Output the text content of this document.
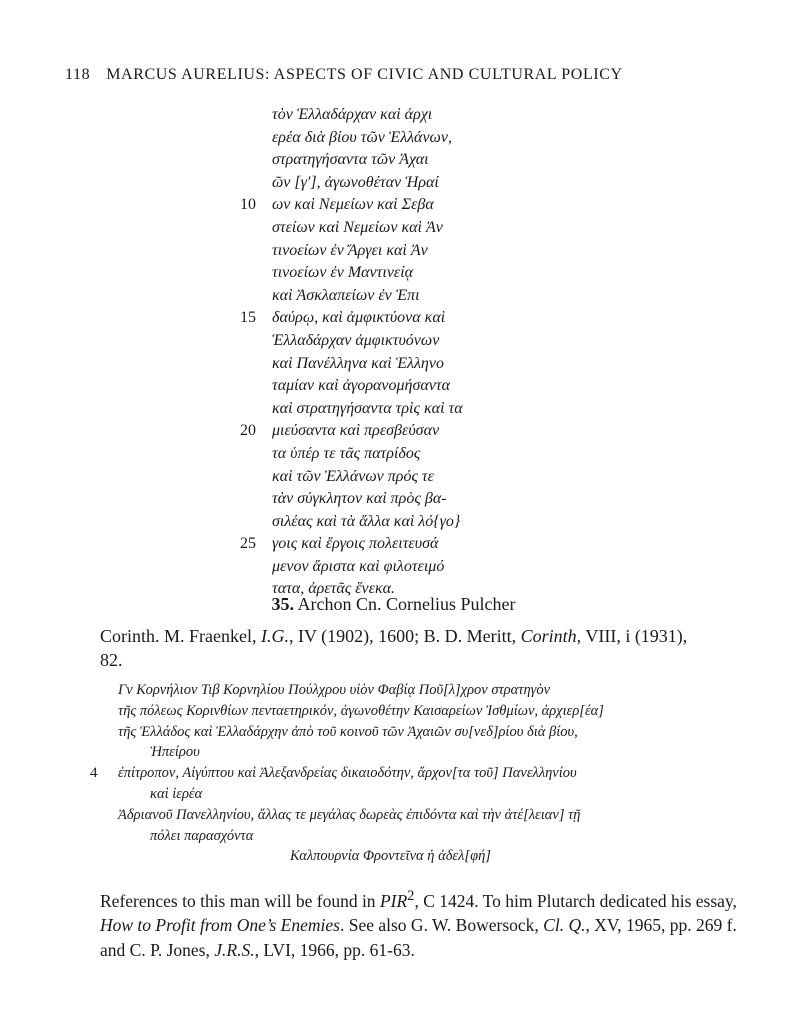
118 MARCUS AURELIUS: ASPECTS OF CIVIC AND CULTURAL POLICY
τὸν Ἑλλαδάρχαν καὶ ἀρχι
ερέα διὰ βίου τῶν Ἑλλάνων,
στρατηγήσαντα τῶν Ἀχαι
ῶν [γ′], ἀγωνοθέταν Ἡραί
10	ων καὶ Νεμείων καὶ Σεβα
στείων καὶ Νεμείων καὶ Ἀν
τινοείων ἐν Ἄργει καὶ Ἀν
τινοείων ἐν Μαντινείᾳ
καὶ Ἀσκλαπείων ἐν Ἐπι
15	δαύρῳ, καὶ ἀμφικτύονα καὶ
Ἑλλαδάρχαν ἀμφικτυόνων
καὶ Πανέλληνα καὶ Ἑλληνο
ταμίαν καὶ ἀγορανομήσαντα
καὶ στρατηγήσαντα τρὶς καὶ τα
20	μιεύσαντα καὶ πρεσβεύσαν
τα ὑπέρ τε τᾶς πατρίδος
καὶ τῶν Ἑλλάνων πρός τε
τὰν σύγκλητον καὶ πρὸς βα-
σιλέας καὶ τὰ ἄλλα καὶ λό{γο}
25	γοις καὶ ἔργοις πολειτευσά
μενον ἄριστα καὶ φιλοτειμό
τατα, ἀρετᾶς ἕνεκα.
35. Archon Cn. Cornelius Pulcher
Corinth. M. Fraenkel, I.G., IV (1902), 1600; B. D. Meritt, Corinth, VIII, i (1931), 82.
Γν Κορνήλιον Τιβ Κορνηλίου Πούλχρου υἱὸν Φαβίᾳ Ποῦ[λ]χρον στρατηγὸν
τῆς πόλεως Κορινθίων πενταετηρικόν, ἀγωνοθέτην Καισαρείων Ἰσθμίων, ἀρχιερ[έα]
τῆς Ἑλλάδος καὶ Ἑλλαδάρχην ἀπὸ τοῦ κοινοῦ τῶν Ἀχαιῶν συ[νεδ]ρίου διὰ βίου,
Ἠπείρου
4 ἐπίτροπον, Αἰγύπτου καὶ Ἀλεξανδρείας δικαιοδότην, ἄρχον[τα τοῦ] Πανελληνίου
καὶ ἱερέα
Ἀδριανοῦ Πανελληνίου, ἄλλας τε μεγάλας δωρεὰς ἐπιδόντα καὶ τὴν ἀτέ[λειαν] τῇ
πόλει παρασχόντα
Καλπουρνία Φροντεῖνα ἡ ἀδελ[φή]

References to this man will be found in PIR$^2$, C 1424. To him Plutarch dedicated his essay, How to Profit from One’s Enemies. See also G. W. Bowersock, Cl. Q., XV, 1965, pp. 269 f. and C. P. Jones, J.R.S., LVI, 1966, pp. 61-63.
